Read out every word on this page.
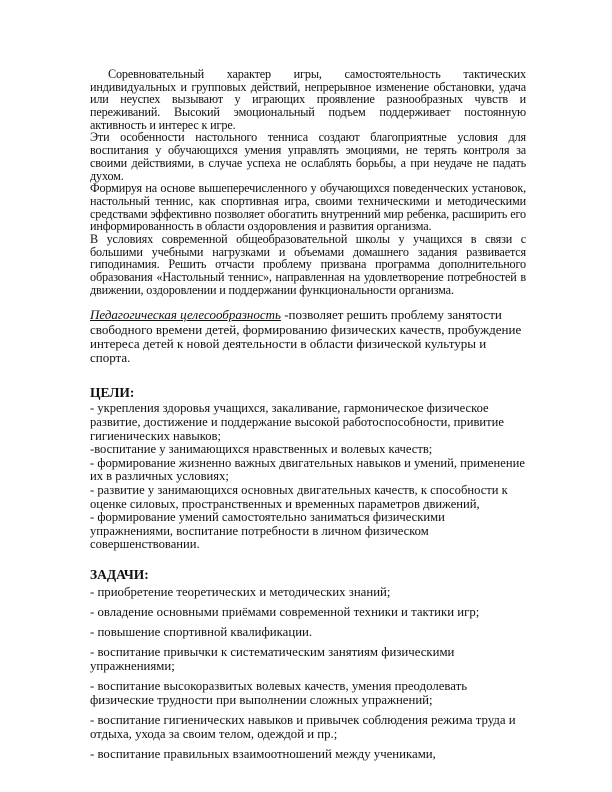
Соревновательный характер игры, самостоятельность тактических индивидуальных и групповых действий, непрерывное изменение обстановки, удача или неуспех вызывают у играющих проявление разнообразных чувств и переживаний. Высокий эмоциональный подъем поддерживает постоянную активность и интерес к игре.

Эти особенности настольного тенниса создают благоприятные условия для воспитания у обучающихся умения управлять эмоциями, не терять контроля за своими действиями, в случае успеха не ослаблять борьбы, а при неудаче не падать духом.

Формируя на основе вышеперечисленного у обучающихся поведенческих установок, настольный теннис, как спортивная игра, своими техническими и методическими средствами эффективно позволяет обогатить внутренний мир ребенка, расширить его информированность в области оздоровления и развития организма.

В условиях современной общеобразовательной школы у учащихся в связи с большими учебными нагрузками и объемами домашнего задания развивается гиподинамия. Решить отчасти проблему призвана программа дополнительного образования «Настольный теннис», направленная на удовлетворение потребностей в движении, оздоровлении и поддержании функциональности организма.

Педагогическая целесообразность -позволяет решить проблему занятости свободного времени детей, формированию физических качеств, пробуждение интереса детей к новой деятельности в области физической культуры и спорта.

ЦЕЛИ:
- укрепления здоровья учащихся, закаливание, гармоническое физическое развитие, достижение и поддержание высокой работоспособности, привитие гигиенических навыков;
-воспитание у занимающихся нравственных и волевых качеств;
- формирование жизненно важных двигательных навыков и умений, применение их в различных условиях;
- развитие у занимающихся основных двигательных качеств, к способности к оценке силовых, пространственных и временных параметров движений,
- формирование умений самостоятельно заниматься физическими упражнениями, воспитание потребности в личном физическом совершенствовании.
ЗАДАЧИ:
- приобретение теоретических и методических знаний;
- овладение основными приёмами современной техники и тактики игр;
- повышение спортивной квалификации.
- воспитание привычки к систематическим занятиям физическими упражнениями;
- воспитание высокоразвитых волевых качеств, умения преодолевать физические трудности при выполнении сложных упражнений;
- воспитание гигиенических навыков и привычек соблюдения режима труда и отдыха, ухода за своим телом, одеждой и пр.;
- воспитание правильных взаимоотношений между учениками,
